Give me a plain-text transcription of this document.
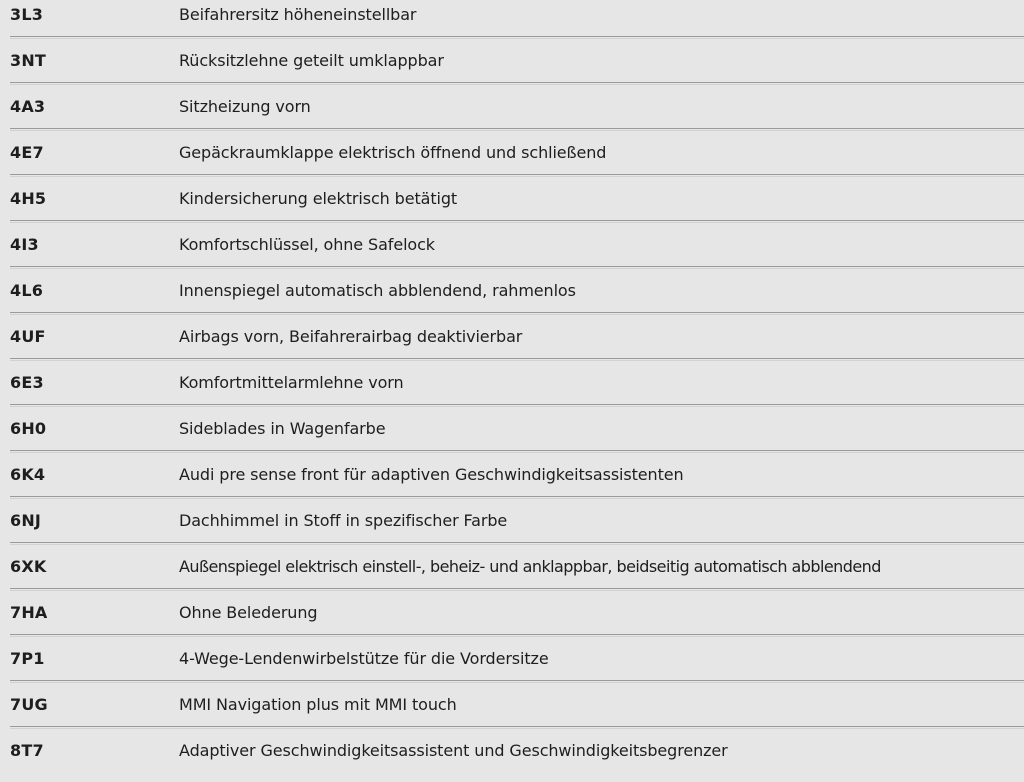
3L3	Beifahrersitz höheneinstellbar
3NT	Rücksitzlehne geteilt umklappbar
4A3	Sitzheizung vorn
4E7	Gepäckraumklappe elektrisch öffnend und schließend
4H5	Kindersicherung elektrisch betätigt
4I3	Komfortschlüssel, ohne Safelock
4L6	Innenspiegel automatisch abblendend, rahmenlos
4UF	Airbags vorn, Beifahrerairbag deaktivierbar
6E3	Komfortmittelarmlehne vorn
6H0	Sideblades in Wagenfarbe
6K4	Audi pre sense front für adaptiven Geschwindigkeitsassistenten
6NJ	Dachhimmel in Stoff in spezifischer Farbe
6XK	Außenspiegel elektrisch einstell-, beheiz- und anklappbar, beidseitig automatisch abblendend
7HA	Ohne Belederung
7P1	4-Wege-Lendenwirbelstütze für die Vordersitze
7UG	MMI Navigation plus mit MMI touch
8T7	Adaptiver Geschwindigkeitsassistent und Geschwindigkeitsbegrenzer
